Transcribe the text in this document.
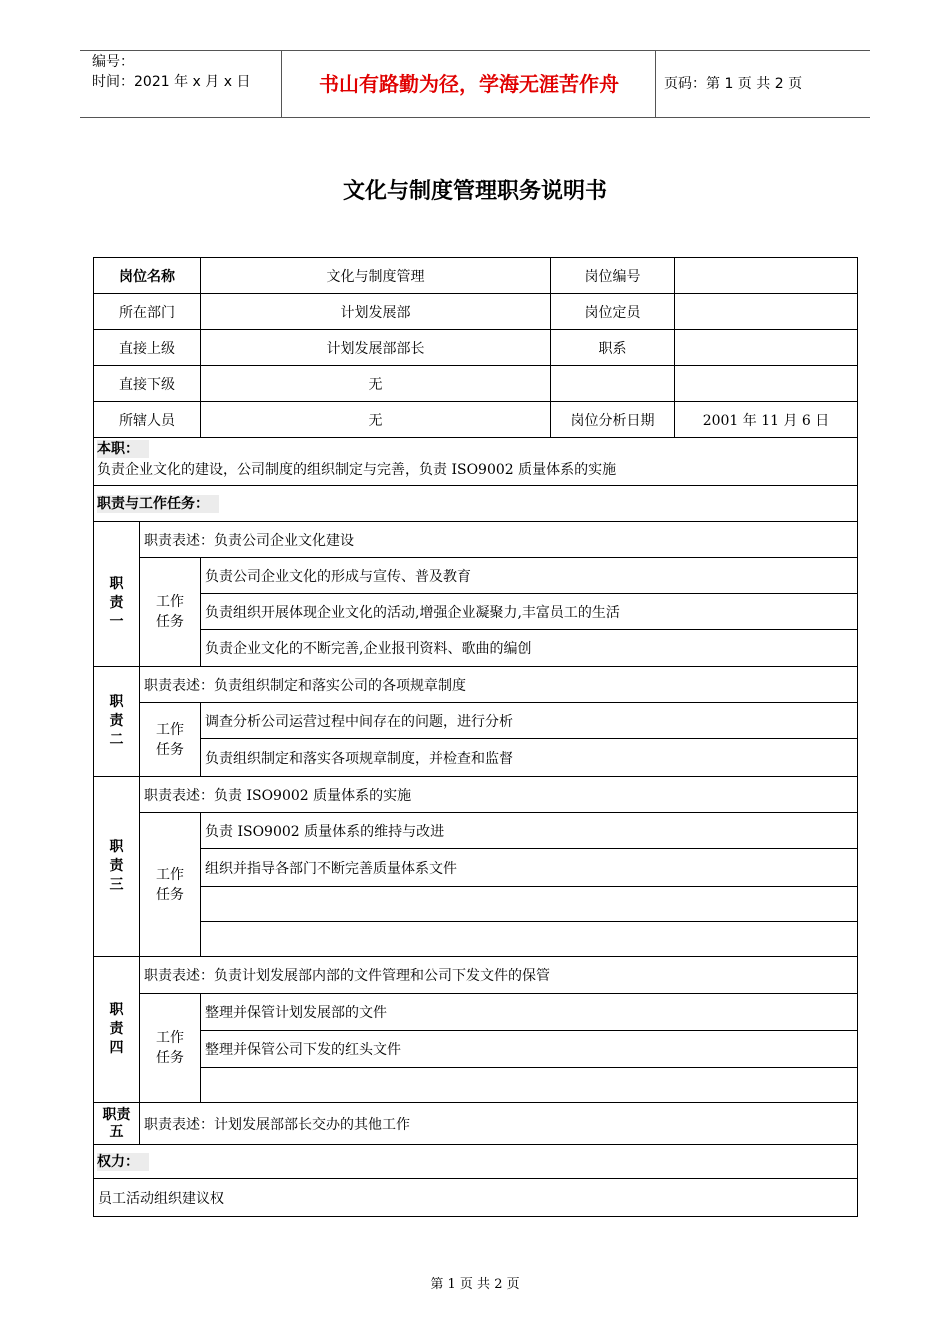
编号：
时间：2021 年 x 月 x 日	书山有路勤为径，学海无涯苦作舟	页码：第 1 页 共 2 页
文化与制度管理职务说明书
岗位名称		文化与制度管理	岗位编号	
所在部门		计划发展部	岗位定员	
直接上级		计划发展部部长	职系	
直接下级		无		
所辖人员		无	岗位分析日期	2001 年 11 月 6 日

本职：
负责企业文化的建设，公司制度的组织制定与完善，负责 ISO9002 质量体系的实施				

职责与工作任务：				

职
责
一	职责表述：负责公司企业文化建设			
	工作
任务	负责公司企业文化的形成与宣传、普及教育		
		负责组织开展体现企业文化的活动,增强企业凝聚力,丰富员工的生活		
		负责企业文化的不断完善,企业报刊资料、歌曲的编创		
职
责
二	职责表述：负责组织制定和落实公司的各项规章制度			
	工作
任务	调查分析公司运营过程中间存在的问题，进行分析		
		负责组织制定和落实各项规章制度，并检查和监督		
职
责
三	职责表述：负责 ISO9002 质量体系的实施			
	工作
任务	负责 ISO9002 质量体系的维持与改进		
		组织并指导各部门不断完善质量体系文件		

职
责
四	职责表述：负责计划发展部内部的文件管理和公司下发文件的保管			
	工作
任务	整理并保管计划发展部的文件		
		整理并保管公司下发的红头文件		

职责
五	职责表述：计划发展部部长交办的其他工作			
权力：				
员工活动组织建议权				
第 1 页 共 2 页
